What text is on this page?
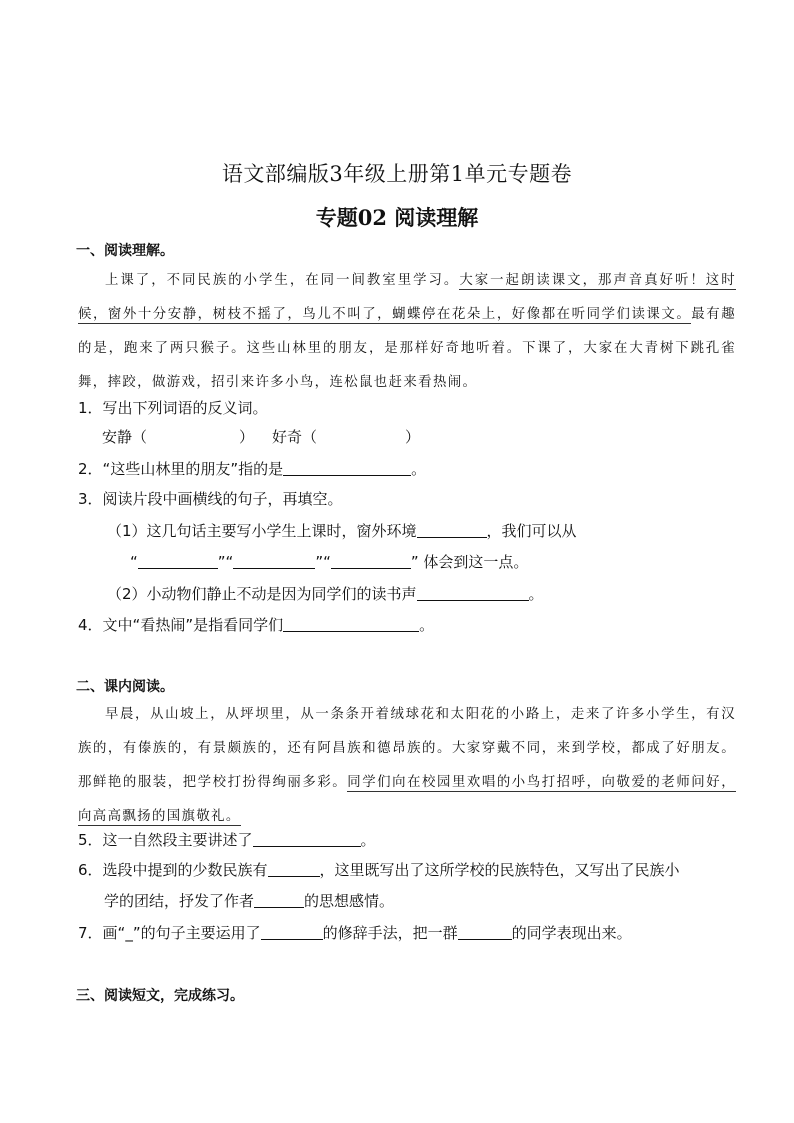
语文部编版3年级上册第1单元专题卷
专题02 阅读理解
一、阅读理解。
上课了，不同民族的小学生，在同一间教室里学习。大家一起朗读课文，那声音真好听！这时候，窗外十分安静，树枝不摇了，鸟儿不叫了，蝴蝶停在花朵上，好像都在听同学们读课文。最有趣的是，跑来了两只猴子。这些山林里的朋友，是那样好奇地听着。下课了，大家在大青树下跳孔雀舞，摔跤，做游戏，招引来许多小鸟，连松鼠也赶来看热闹。
1．写出下列词语的反义词。
安静（	） 好奇（	）
2．“这些山林里的朋友”指的是	。
3．阅读片段中画横线的句子，再填空。
（1）这几句话主要写小学生上课时，窗外环境	，我们可以从
“	”“	”“	” 体会到这一点。
（2）小动物们静止不动是因为同学们的读书声	。
4．文中“看热闹”是指看同学们	。
二、课内阅读。
早晨，从山坡上，从坪坝里，从一条条开着绒球花和太阳花的小路上，走来了许多小学生，有汉族的，有傣族的，有景颇族的，还有阿昌族和德昂族的。大家穿戴不同，来到学校，都成了好朋友。那鲜艳的服装，把学校打扮得绚丽多彩。同学们向在校园里欢唱的小鸟打招呼，向敬爱的老师问好，向高高飘扬的国旗敬礼。
5．这一自然段主要讲述了	。
6．选段中提到的少数民族有	，这里既写出了这所学校的民族特色，又写出了民族小
学的团结，抒发了作者	的思想感情。
7．画“_”的句子主要运用了	的修辞手法，把一群	的同学表现出来。
三、阅读短文，完成练习。
